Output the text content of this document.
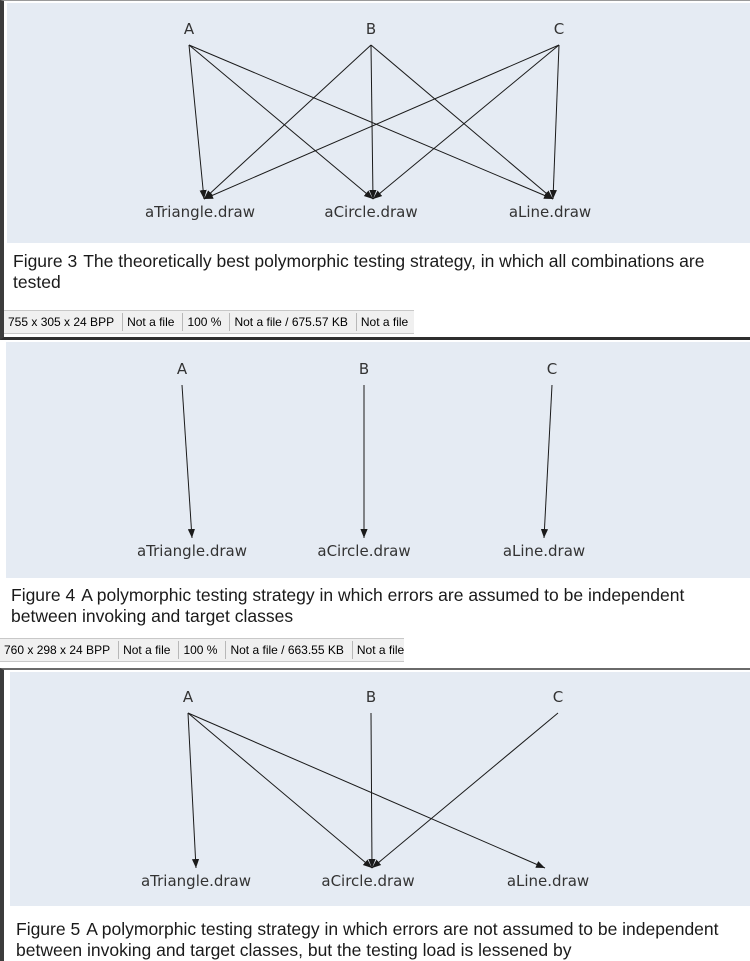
A	B	C
aTriangle.draw	aCircle.draw	aLine.draw
Figure 3 The theoretically best polymorphic testing strategy, in which all combinations are tested
755 x 305 x 24 BPP	Not a file	100 %	Not a file / 675.57 KB	Not a file
A	B	C
aTriangle.draw	aCircle.draw	aLine.draw
Figure 4 A polymorphic testing strategy in which errors are assumed to be independent between invoking and target classes
760 x 298 x 24 BPP	Not a file	100 %	Not a file / 663.55 KB	Not a file
A	B	C
aTriangle.draw	aCircle.draw	aLine.draw
Figure 5 A polymorphic testing strategy in which errors are not assumed to be independent between invoking and target classes, but the testing load is lessened by
